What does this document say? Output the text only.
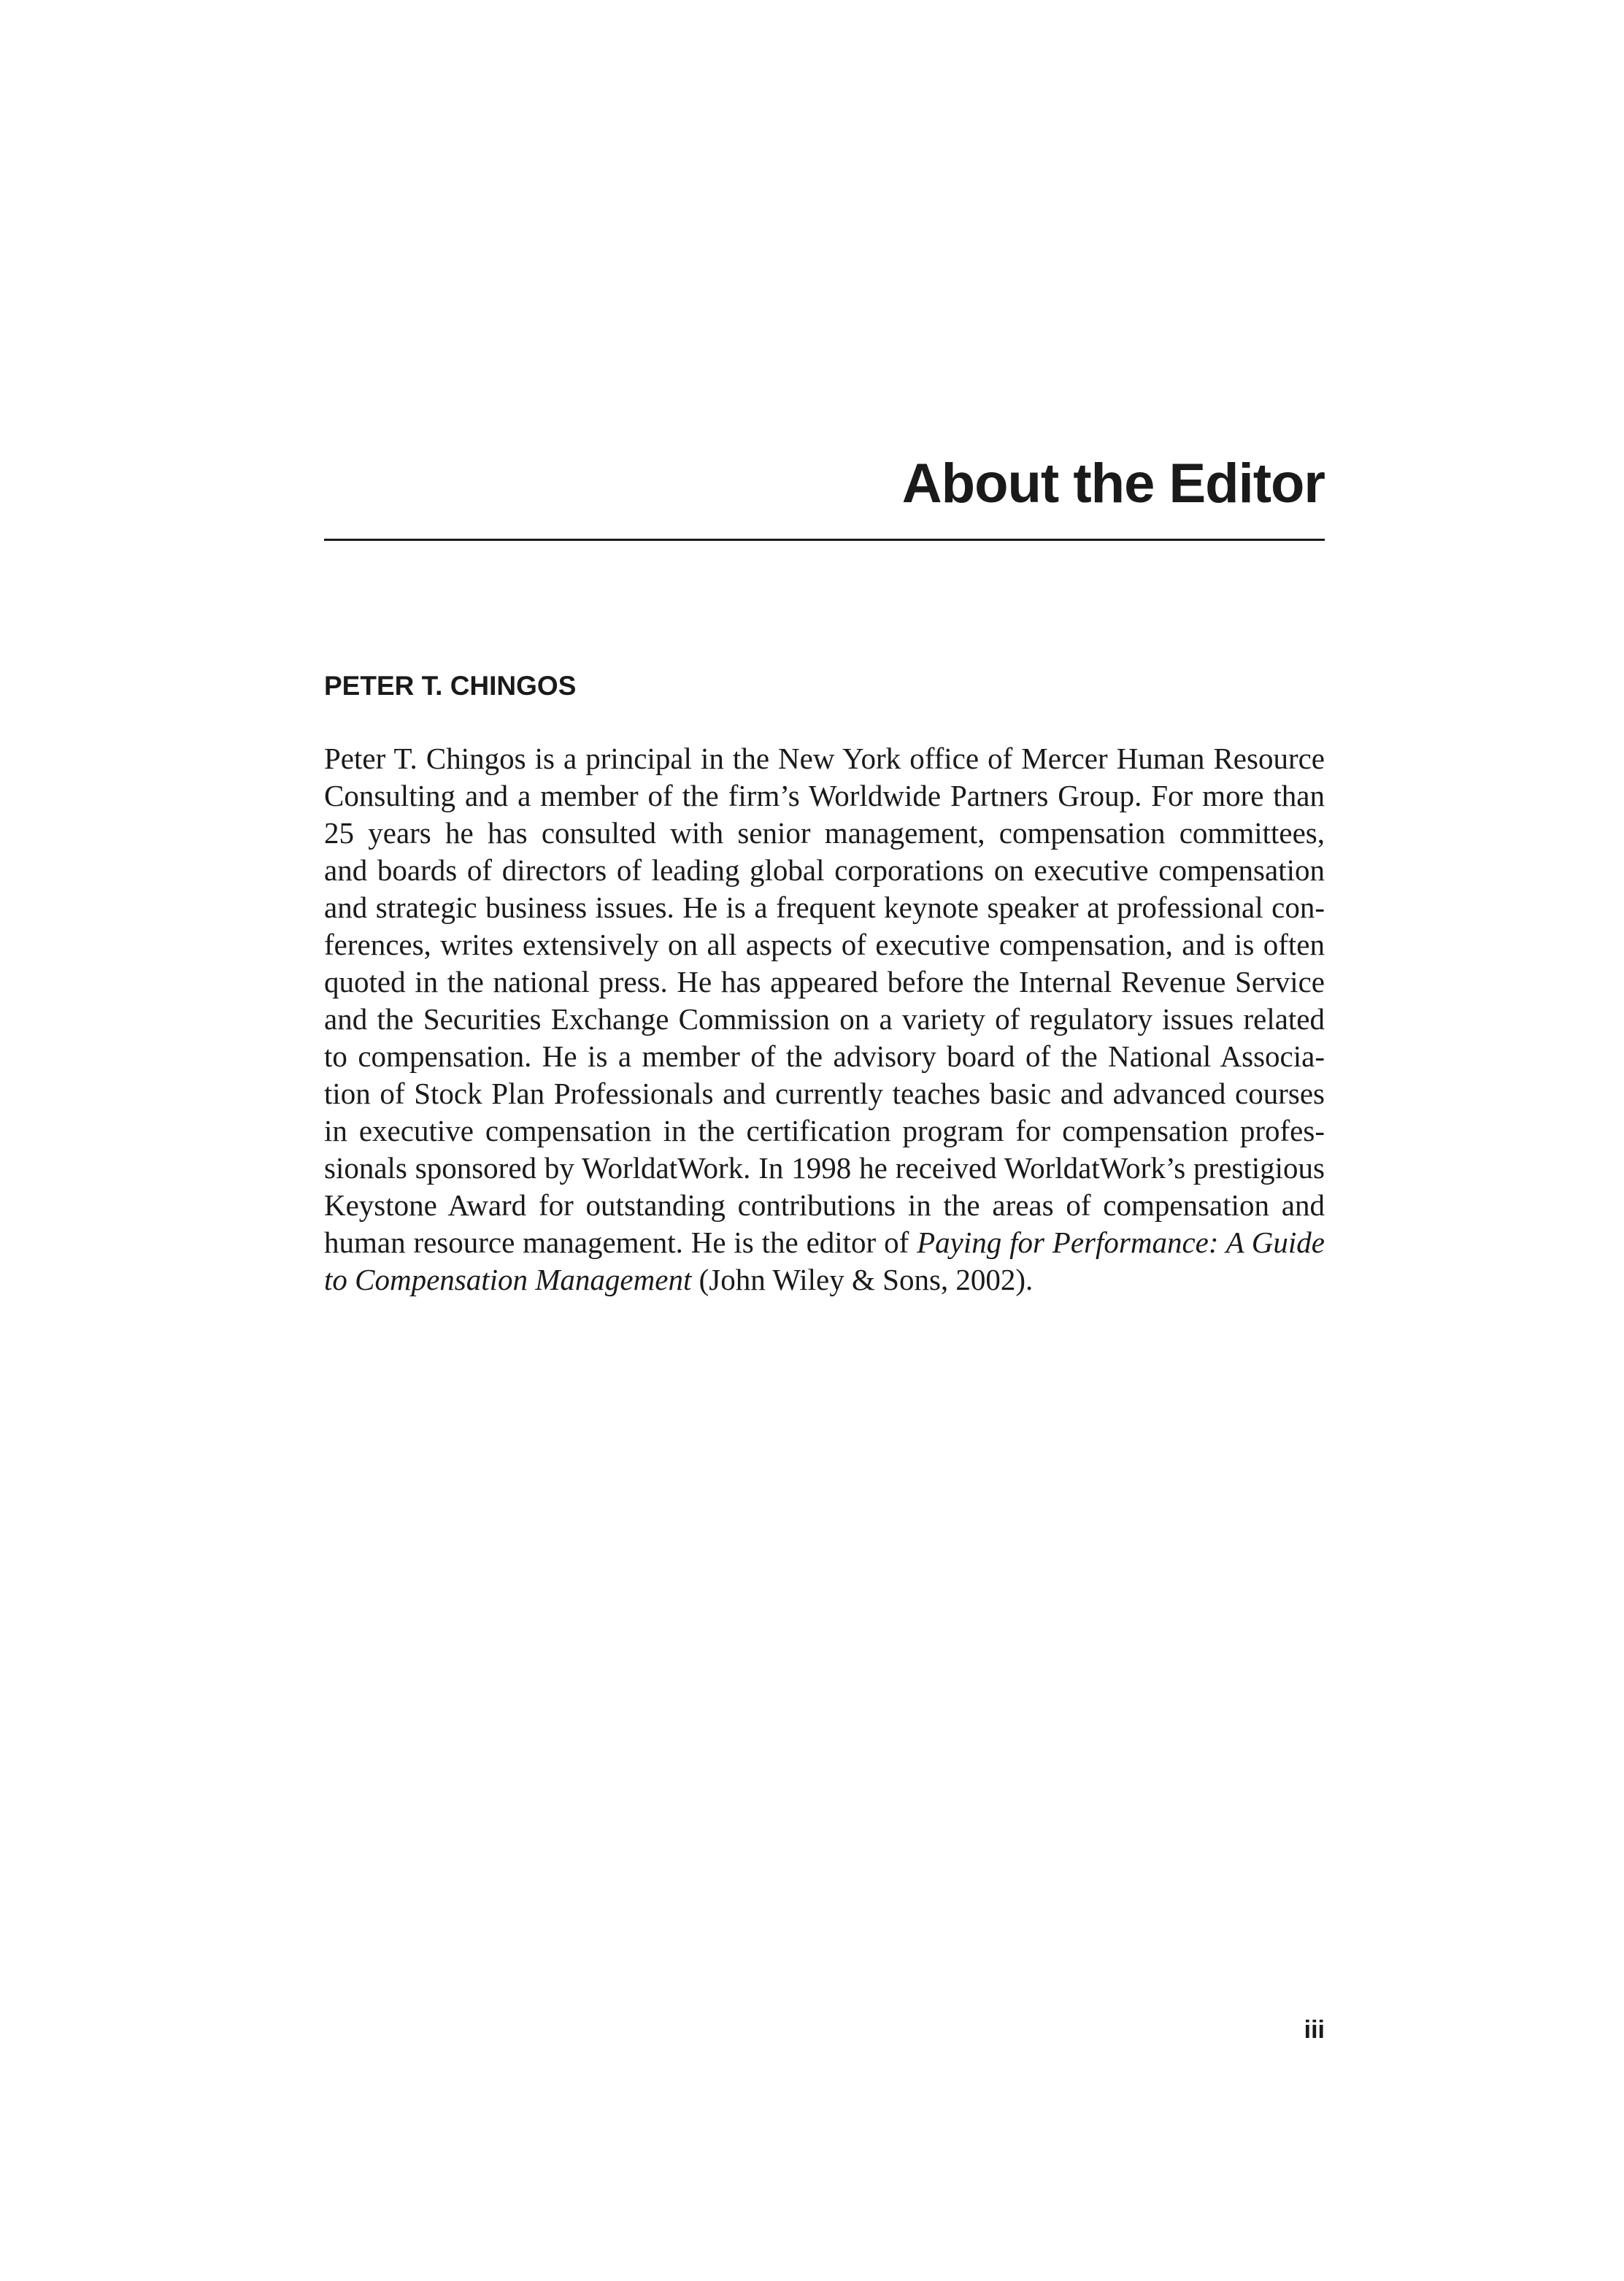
About the Editor
PETER T. CHINGOS

Peter T. Chingos is a principal in the New York office of Mercer Human Resource
Consulting and a member of the firm’s Worldwide Partners Group. For more than
25 years he has consulted with senior management, compensation committees,
and boards of directors of leading global corporations on executive compensation
and strategic business issues. He is a frequent keynote speaker at professional con-
ferences, writes extensively on all aspects of executive compensation, and is often
quoted in the national press. He has appeared before the Internal Revenue Service
and the Securities Exchange Commission on a variety of regulatory issues related
to compensation. He is a member of the advisory board of the National Associa-
tion of Stock Plan Professionals and currently teaches basic and advanced courses
in executive compensation in the certification program for compensation profes-
sionals sponsored by WorldatWork. In 1998 he received WorldatWork’s prestigious
Keystone Award for outstanding contributions in the areas of compensation and
human resource management. He is the editor of Paying for Performance: A Guide
to Compensation Management (John Wiley & Sons, 2002).

iii
